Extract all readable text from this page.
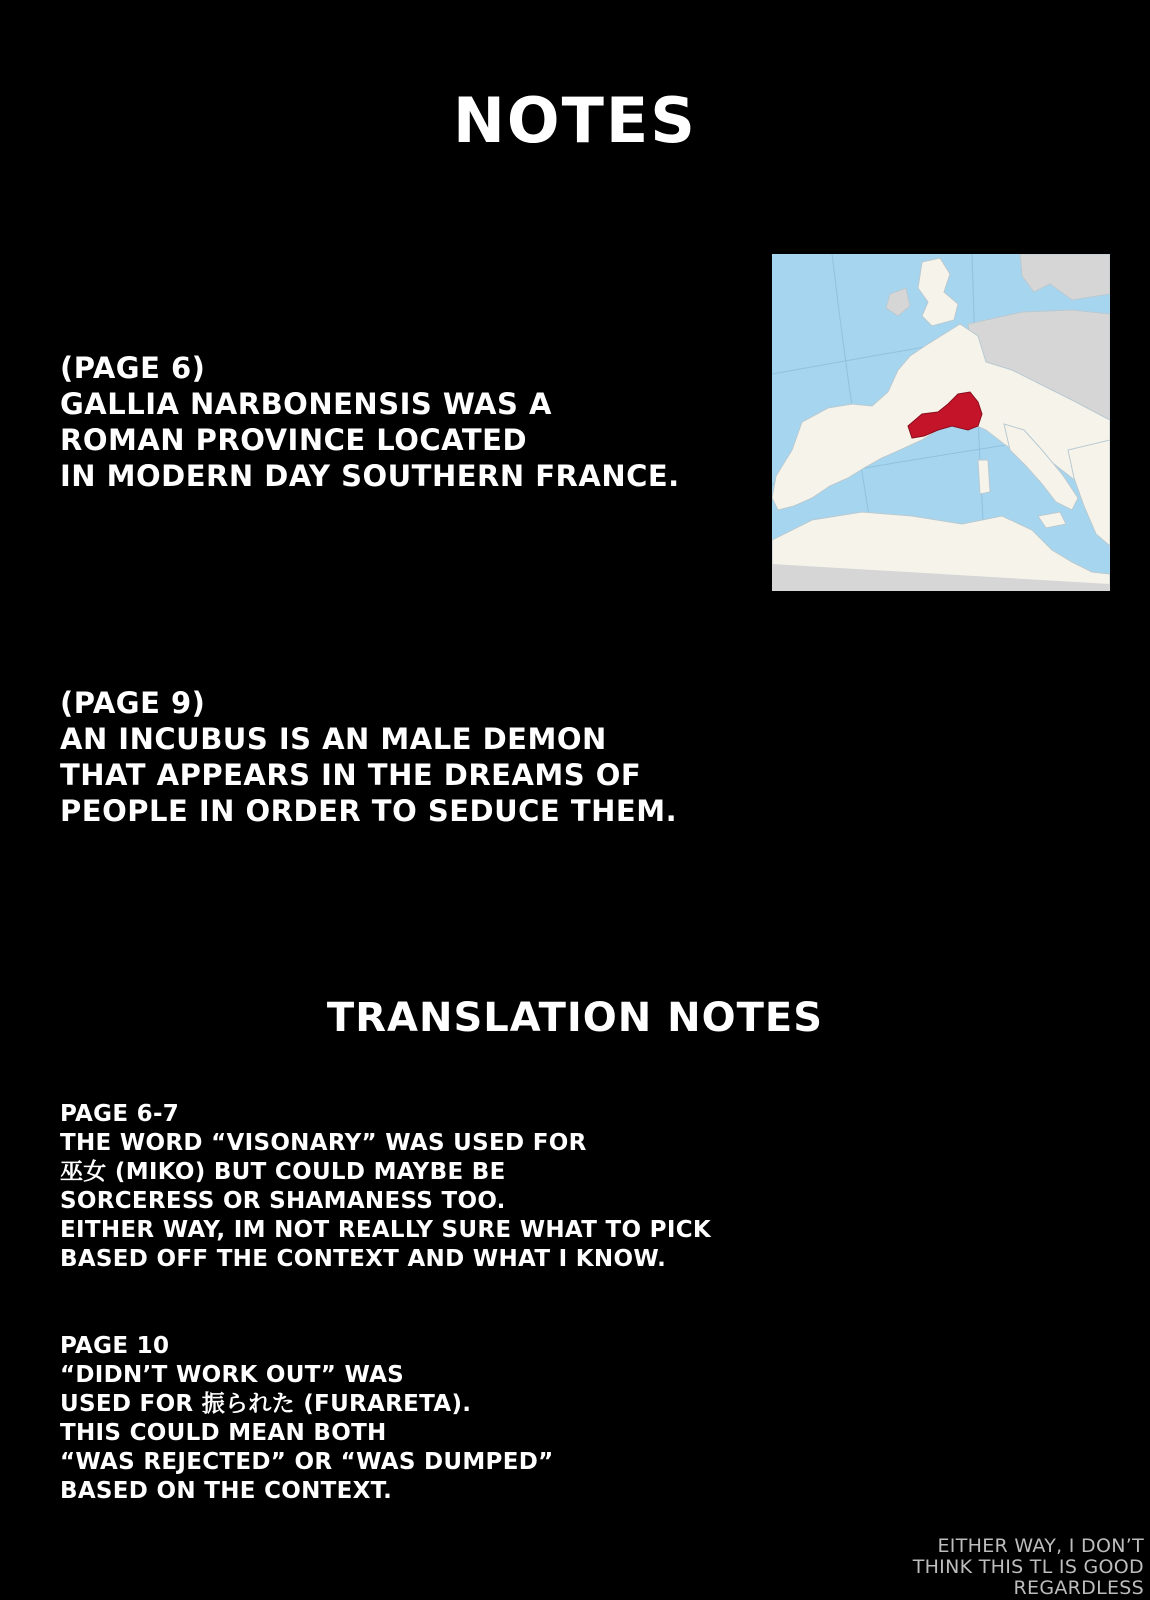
NOTES
(PAGE 6)
GALLIA NARBONENSIS WAS A
ROMAN PROVINCE LOCATED
IN MODERN DAY SOUTHERN FRANCE.
(PAGE 9)
AN INCUBUS IS AN MALE DEMON
THAT APPEARS IN THE DREAMS OF
PEOPLE IN ORDER TO SEDUCE THEM.
TRANSLATION NOTES
PAGE 6-7
THE WORD “VISONARY” WAS USED FOR
巫女 (MIKO) BUT COULD MAYBE BE
SORCERESS OR SHAMANESS TOO.
EITHER WAY, IM NOT REALLY SURE WHAT TO PICK
BASED OFF THE CONTEXT AND WHAT I KNOW.
PAGE 10
“DIDN’T WORK OUT” WAS
USED FOR 振られた (FURARETA).
THIS COULD MEAN BOTH
“WAS REJECTED” OR “WAS DUMPED”
BASED ON THE CONTEXT.
EITHER WAY, I DON’T
THINK THIS TL IS GOOD
REGARDLESS
